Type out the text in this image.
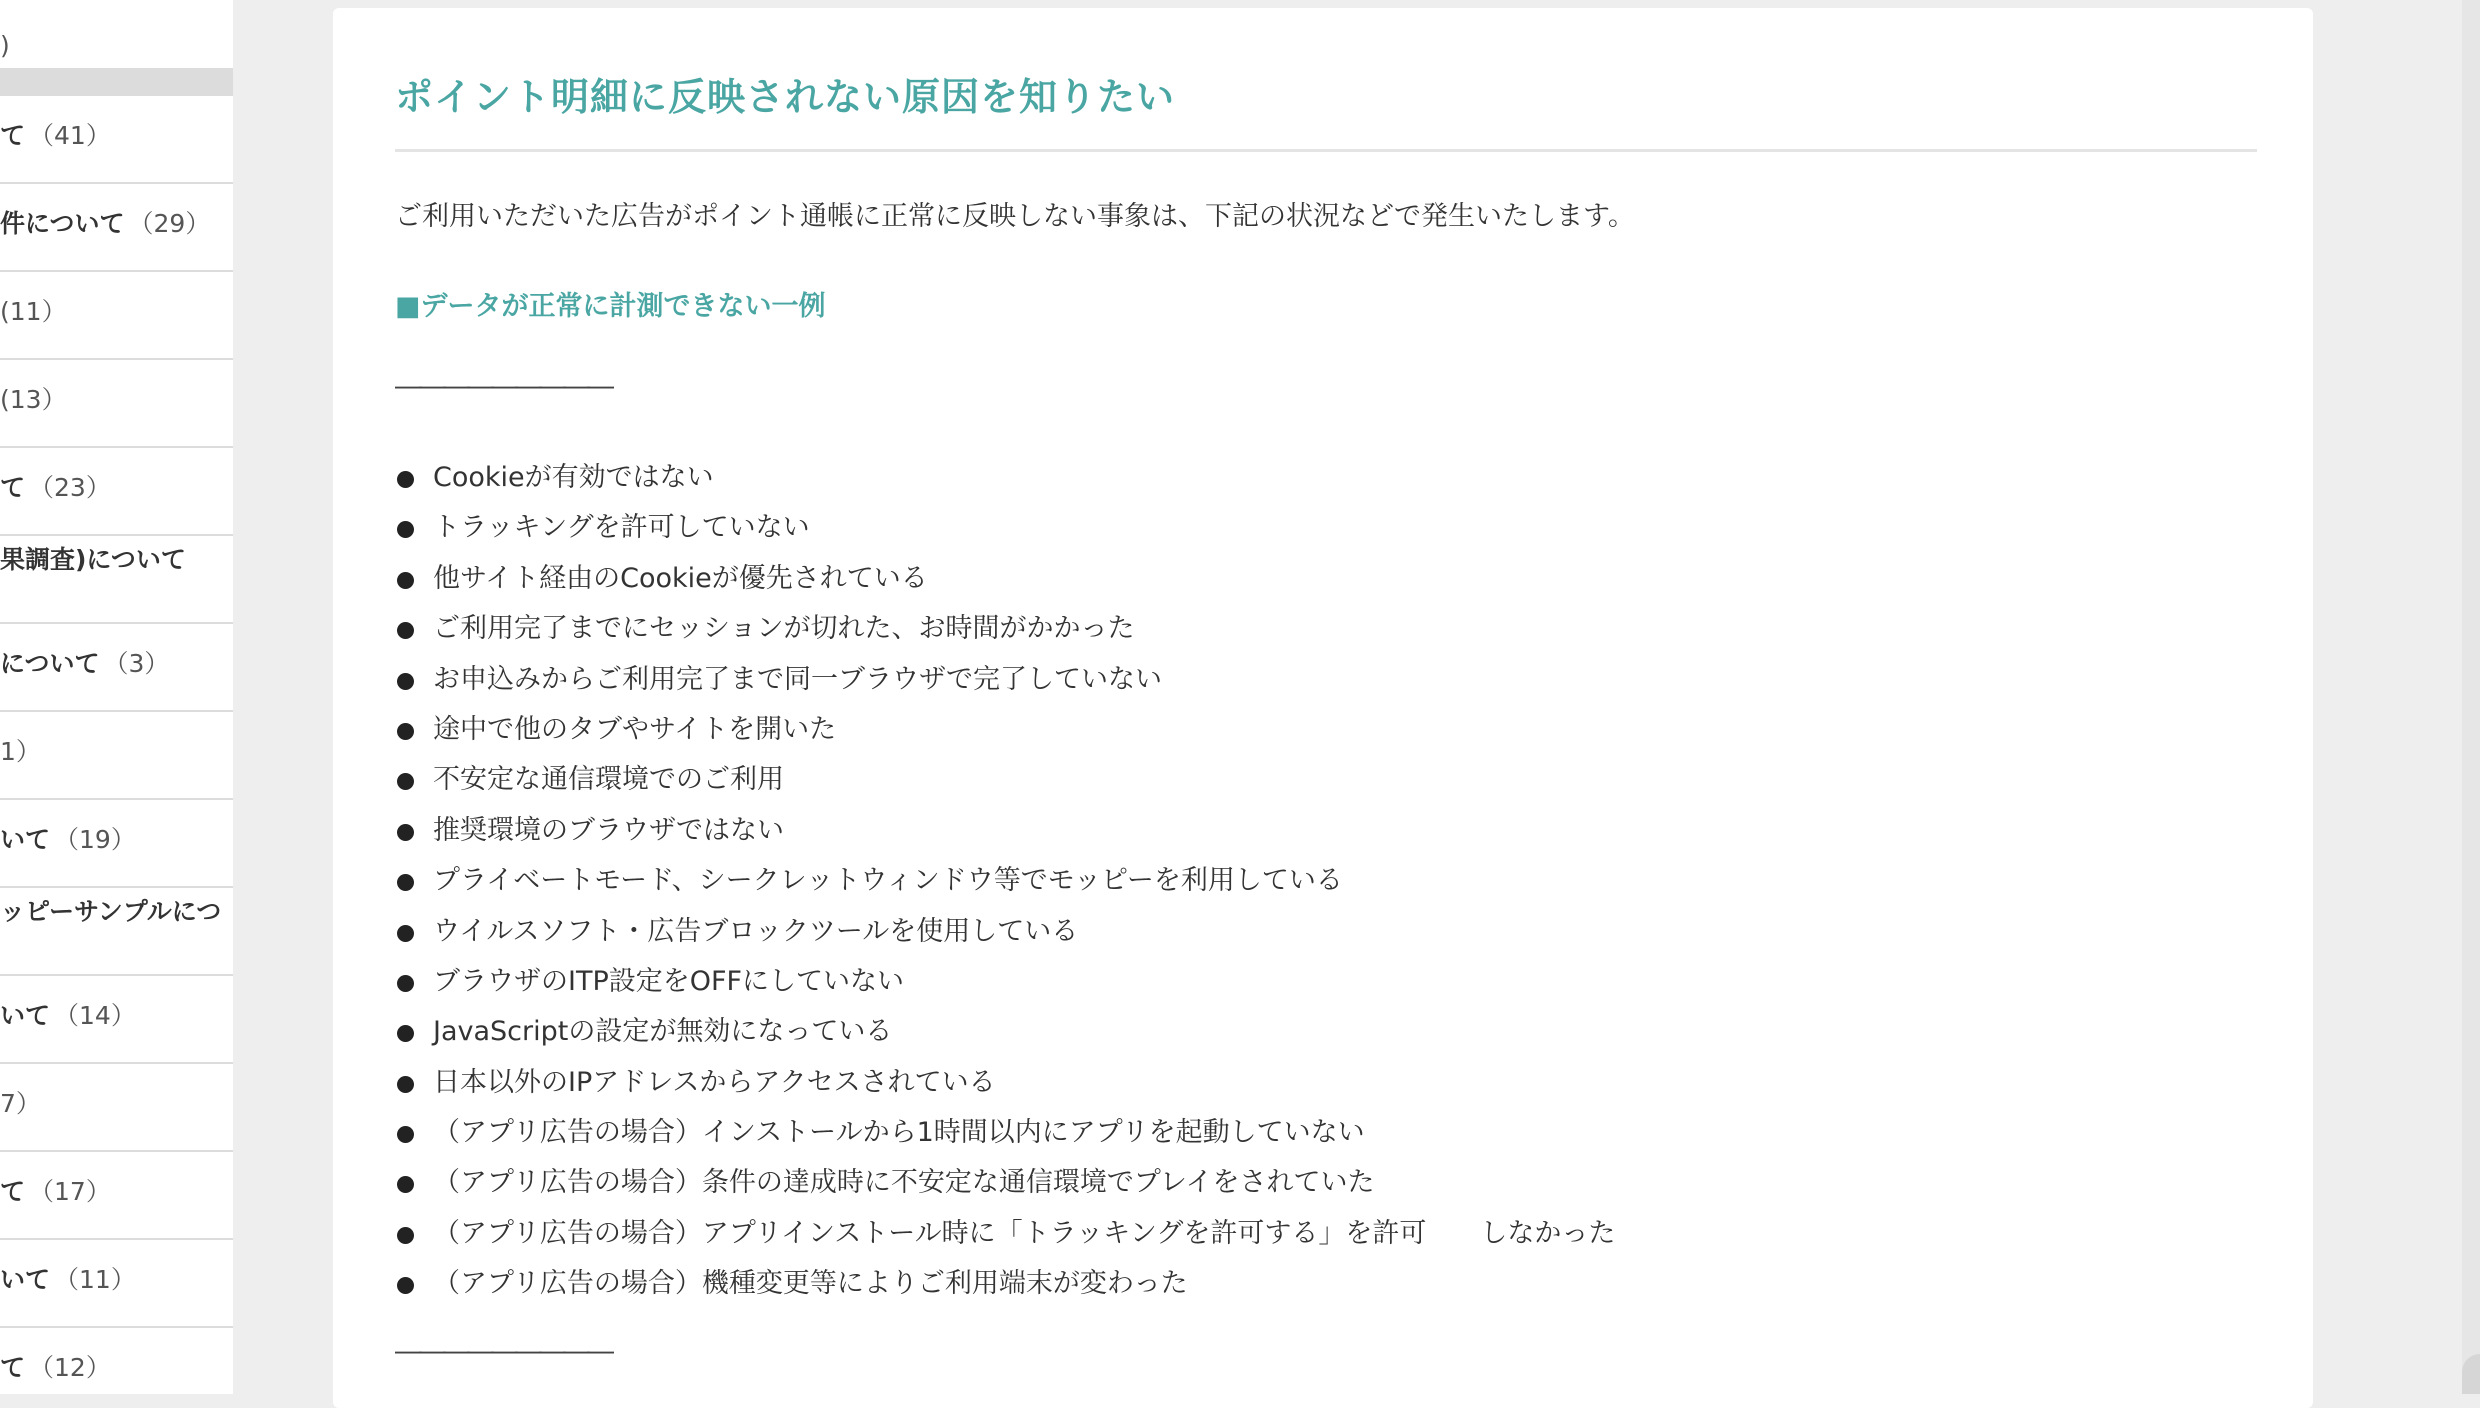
)
て （41）
件について （29）
(11）
(13）
て （23）
果調査)について
について （3）
1）
いて （19）
ッピーサンプルにつ
いて （14）
7）
て （17）
いて （11）
て （12）
ポイント明細に反映されない原因を知りたい

ご利用いただいた広告がポイント通帳に正常に反映しない事象は、下記の状況などで発生いたします。

■データが正常に計測できない一例
―――――――――
Cookieが有効ではない
トラッキングを許可していない
他サイト経由のCookieが優先されている
ご利用完了までにセッションが切れた、お時間がかかった
お申込みからご利用完了まで同一ブラウザで完了していない
途中で他のタブやサイトを開いた
不安定な通信環境でのご利用
推奨環境のブラウザではない
プライベートモード、シークレットウィンドウ等でモッピーを利用している
ウイルスソフト・広告ブロックツールを使用している
ブラウザのITP設定をOFFにしていない
JavaScriptの設定が無効になっている
日本以外のIPアドレスからアクセスされている
（アプリ広告の場合）インストールから1時間以内にアプリを起動していない
（アプリ広告の場合）条件の達成時に不安定な通信環境でプレイをされていた
（アプリ広告の場合）アプリインストール時に「トラッキングを許可する」を許可　　しなかった
（アプリ広告の場合）機種変更等によりご利用端末が変わった
―――――――――
